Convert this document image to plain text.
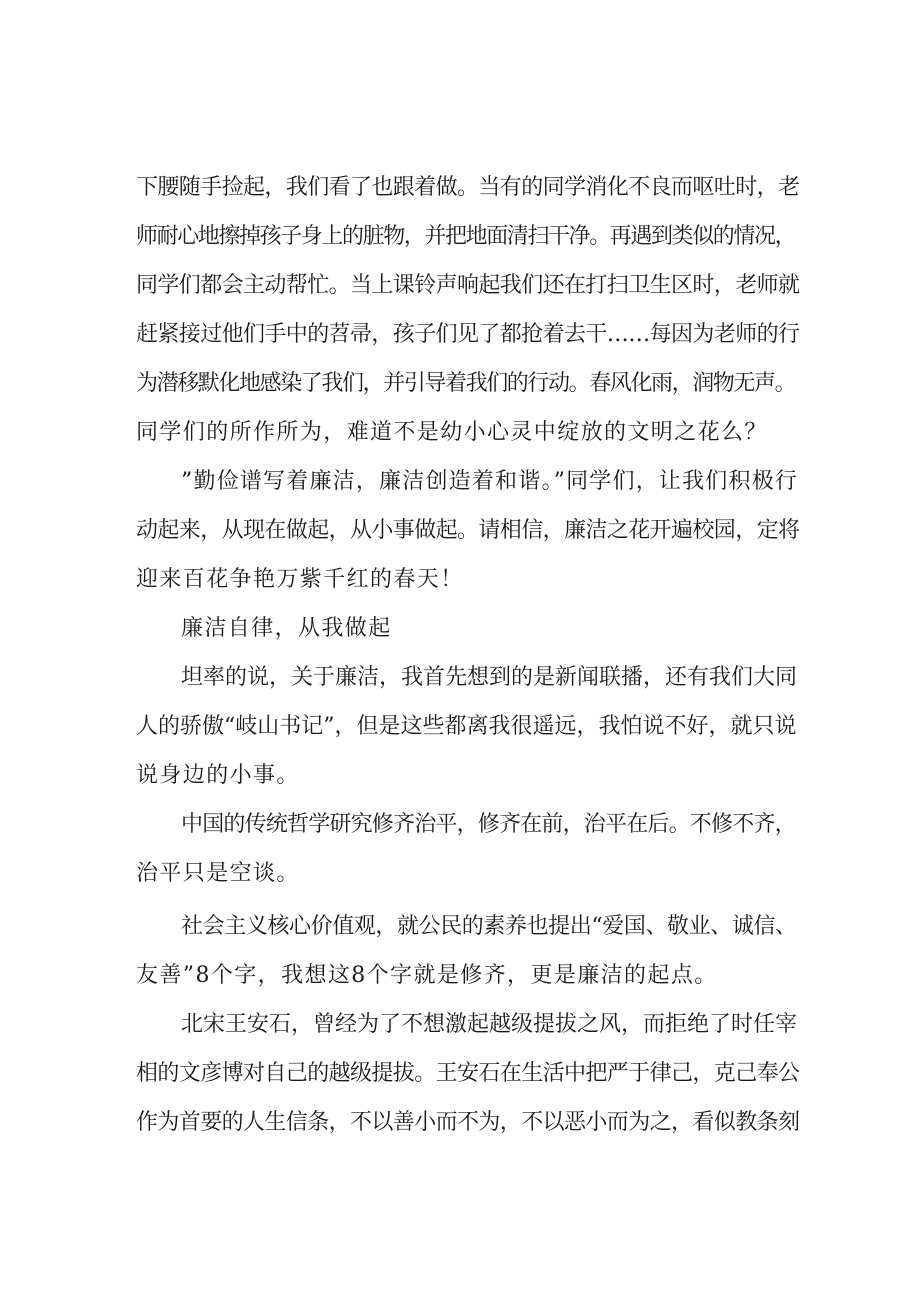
下腰随手捡起，我们看了也跟着做。当有的同学消化不良而呕吐时，老

师耐心地擦掉孩子身上的脏物，并把地面清扫干净。再遇到类似的情况，

同学们都会主动帮忙。当上课铃声响起我们还在打扫卫生区时，老师就

赶紧接过他们手中的苕帚，孩子们见了都抢着去干……每因为老师的行

为潜移默化地感染了我们，并引导着我们的行动。春风化雨，润物无声。

同学们的所作所为，难道不是幼小心灵中绽放的文明之花么？

”勤俭谱写着廉洁，廉洁创造着和谐。”同学们，让我们积极行

动起来，从现在做起，从小事做起。请相信，廉洁之花开遍校园，定将

迎来百花争艳万紫千红的春天！

廉洁自律，从我做起

坦率的说，关于廉洁，我首先想到的是新闻联播，还有我们大同

人的骄傲“岐山书记”，但是这些都离我很遥远，我怕说不好，就只说

说身边的小事。

中国的传统哲学研究修齐治平，修齐在前，治平在后。不修不齐，

治平只是空谈。

社会主义核心价值观，就公民的素养也提出“爱国、敬业、诚信、

友善”8个字，我想这8个字就是修齐，更是廉洁的起点。

北宋王安石，曾经为了不想激起越级提拔之风，而拒绝了时任宰

相的文彦博对自己的越级提拔。王安石在生活中把严于律己，克己奉公

作为首要的人生信条，不以善小而不为，不以恶小而为之，看似教条刻
